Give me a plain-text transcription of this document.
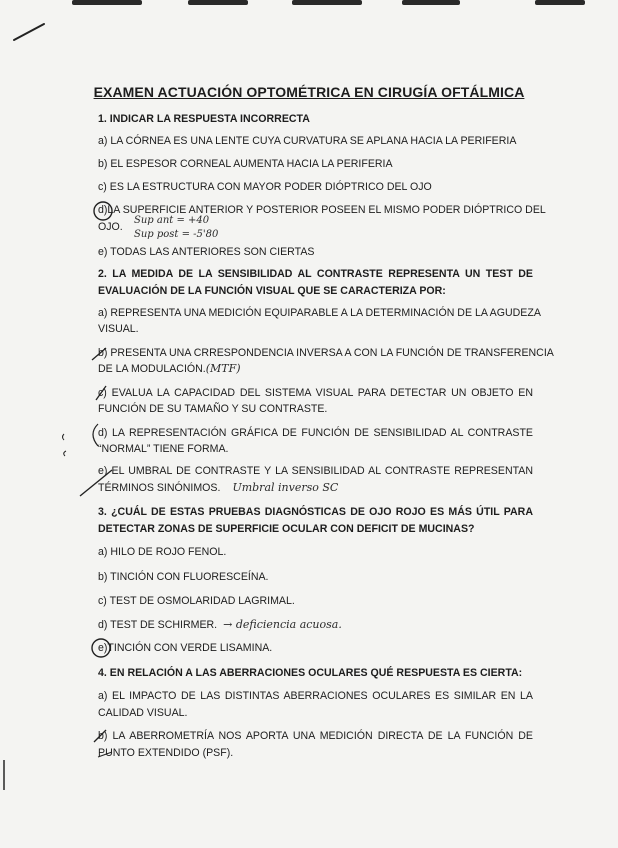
EXAMEN ACTUACIÓN OPTOMÉTRICA EN CIRUGÍA OFTÁLMICA
1. INDICAR LA RESPUESTA INCORRECTA
a) LA CÓRNEA ES UNA LENTE CUYA CURVATURA SE APLANA HACIA LA PERIFERIA
b) EL ESPESOR CORNEAL AUMENTA HACIA LA PERIFERIA
c) ES LA ESTRUCTURA CON MAYOR PODER DIÓPTRICO DEL OJO
d)LA SUPERFICIE ANTERIOR Y POSTERIOR POSEEN EL MISMO PODER DIÓPTRICO DEL
OJO.
Sup ant = +40
Sup post = -5'80
e) TODAS LAS ANTERIORES SON CIERTAS
2. LA MEDIDA DE LA SENSIBILIDAD AL CONTRASTE REPRESENTA UN TEST DE
EVALUACIÓN DE LA FUNCIÓN VISUAL QUE SE CARACTERIZA POR:
a) REPRESENTA UNA MEDICIÓN EQUIPARABLE A LA DETERMINACIÓN DE LA AGUDEZA
VISUAL.
b) PRESENTA UNA CRRESPONDENCIA INVERSA A CON LA FUNCIÓN DE TRANSFERENCIA
DE LA MODULACIÓN.(MTF)
c) EVALUA LA CAPACIDAD DEL SISTEMA VISUAL PARA DETECTAR UN OBJETO EN
FUNCIÓN DE SU TAMAÑO Y SU CONTRASTE.
d) LA REPRESENTACIÓN GRÁFICA DE FUNCIÓN DE SENSIBILIDAD AL CONTRASTE
“NORMAL” TIENE FORMA.
e) EL UMBRAL DE CONTRASTE Y LA SENSIBILIDAD AL CONTRASTE REPRESENTAN
TÉRMINOS SINÓNIMOS. Umbral inverso SC
3. ¿CUÁL DE ESTAS PRUEBAS DIAGNÓSTICAS DE OJO ROJO ES MÁS ÚTIL PARA
DETECTAR ZONAS DE SUPERFICIE OCULAR CON DEFICIT DE MUCINAS?
a) HILO DE ROJO FENOL.
b) TINCIÓN CON FLUORESCEÍNA.
c) TEST DE OSMOLARIDAD LAGRIMAL.
d) TEST DE SCHIRMER. → deficiencia acuosa.
e)TINCIÓN CON VERDE LISAMINA.
4. EN RELACIÓN A LAS ABERRACIONES OCULARES QUÉ RESPUESTA ES CIERTA:
a) EL IMPACTO DE LAS DISTINTAS ABERRACIONES OCULARES ES SIMILAR EN LA
CALIDAD VISUAL.
b) LA ABERROMETRÍA NOS APORTA UNA MEDICIÓN DIRECTA DE LA FUNCIÓN DE
PUNTO EXTENDIDO (PSF).
